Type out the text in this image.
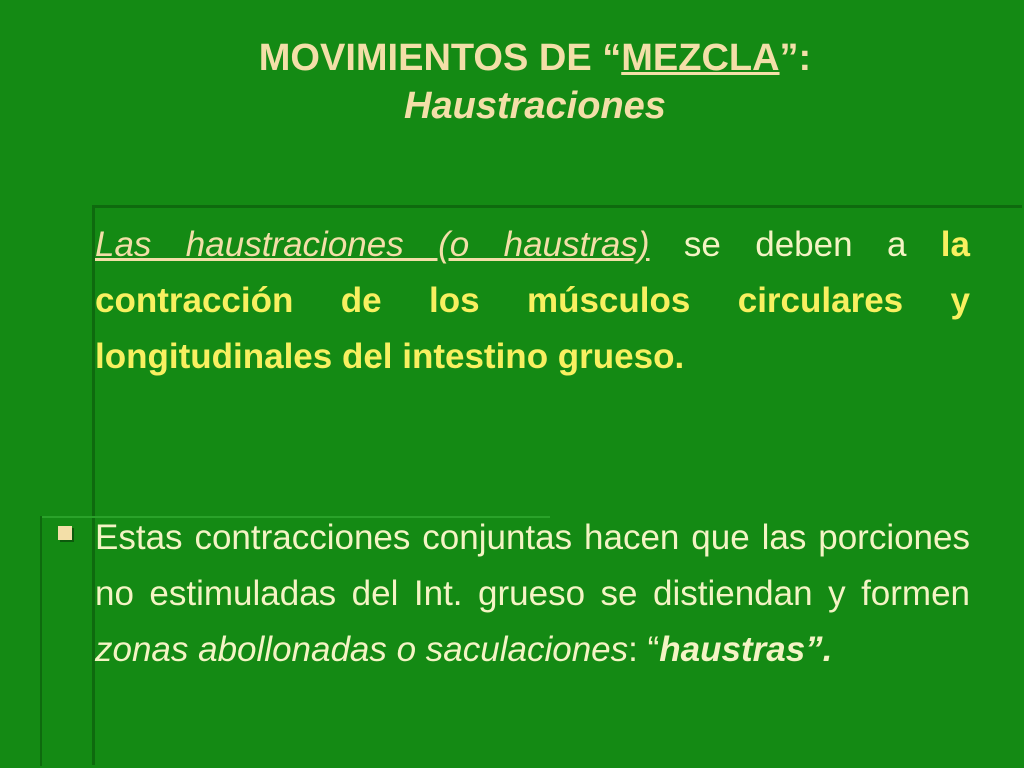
MOVIMIENTOS DE “MEZCLA”:
Haustraciones
Las haustraciones (o haustras) se deben a la contracción de los músculos circulares y longitudinales del intestino grueso.
Estas contracciones conjuntas hacen que las porciones no estimuladas del Int. grueso se distiendan y formen zonas abollonadas o saculaciones: “haustras”.
